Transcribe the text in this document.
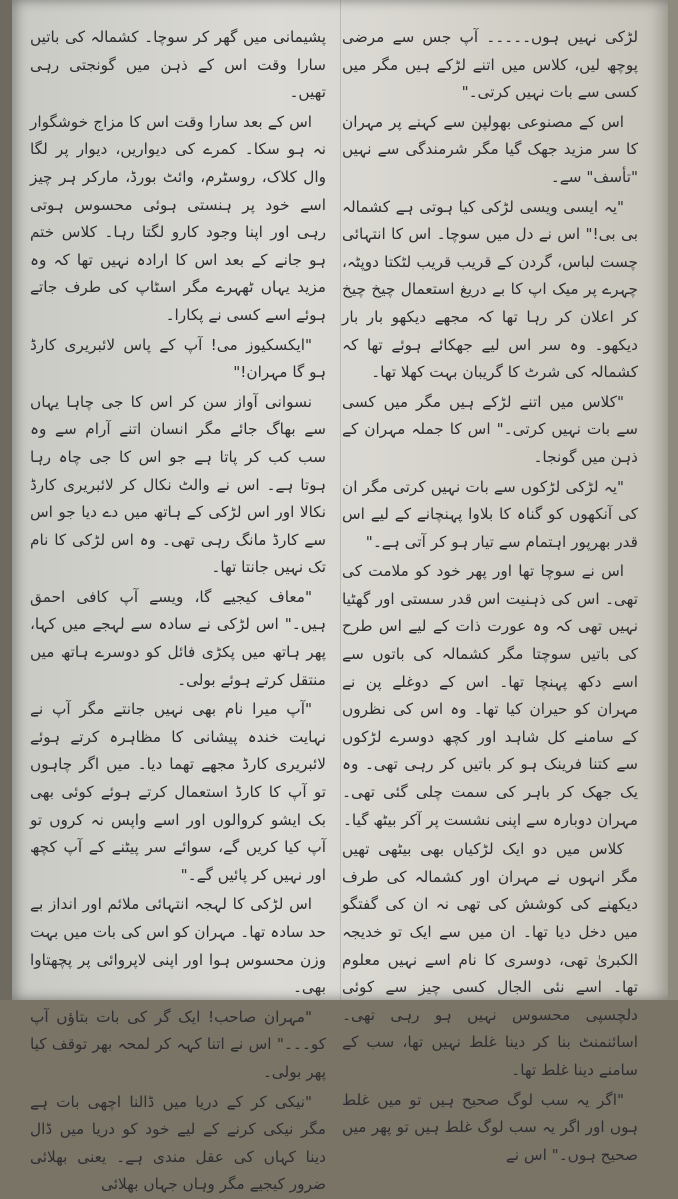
لڑکی نہیں ہوں۔۔۔۔۔ آپ جس سے مرضی پوچھ لیں، کلاس میں اتنے لڑکے ہیں مگر میں کسی سے بات نہیں کرتی۔"

اس کے مصنوعی بھولپن سے کہنے پر مہران کا سر مزید جھک گیا مگر شرمندگی سے نہیں "تأسف" سے۔

"یہ ایسی ویسی لڑکی کیا ہوتی ہے کشمالہ بی بی!" اس نے دل میں سوچا۔ اس کا انتہائی چست لباس، گردن کے قریب قریب لٹکتا دوپٹہ، چہرے پر میک اپ کا بے دریغ استعمال چیخ چیخ کر اعلان کر رہا تھا کہ مجھے دیکھو بار بار دیکھو۔ وہ سر اس لیے جھکائے ہوئے تھا کہ کشمالہ کی شرٹ کا گریبان بہت کھلا تھا۔

"کلاس میں اتنے لڑکے ہیں مگر میں کسی سے بات نہیں کرتی۔" اس کا جملہ مہران کے ذہن میں گونجا۔

"یہ لڑکی لڑکوں سے بات نہیں کرتی مگر ان کی آنکھوں کو گناہ کا بلاوا پہنچانے کے لیے اس قدر بھرپور اہتمام سے تیار ہو کر آتی ہے۔"

اس نے سوچا تھا اور پھر خود کو ملامت کی تھی۔ اس کی ذہنیت اس قدر سستی اور گھٹیا نہیں تھی کہ وہ عورت ذات کے لیے اس طرح کی باتیں سوچتا مگر کشمالہ کی باتوں سے اسے دکھ پہنچا تھا۔ اس کے دوغلے پن نے مہران کو حیران کیا تھا۔ وہ اس کی نظروں کے سامنے کل شاہد اور کچھ دوسرے لڑکوں سے کتنا فرینک ہو کر باتیں کر رہی تھی۔ وہ یک جھک کر باہر کی سمت چلی گئی تھی۔ مہران دوبارہ سے اپنی نشست پر آکر بیٹھ گیا۔

کلاس میں دو ایک لڑکیاں بھی بیٹھی تھیں مگر انہوں نے مہران اور کشمالہ کی طرف دیکھنے کی کوشش کی تھی نہ ان کی گفتگو میں دخل دیا تھا۔ ان میں سے ایک تو خدیجہ الکبریٰ تھی، دوسری کا نام اسے نہیں معلوم تھا۔ اسے نئی الجال کسی چیز سے کوئی دلچسپی محسوس نہیں ہو رہی تھی۔ اسائنمنٹ بنا کر دینا غلط نہیں تھا، سب کے سامنے دینا غلط تھا۔

"اگر یہ سب لوگ صحیح ہیں تو میں غلط ہوں اور اگر یہ سب لوگ غلط ہیں تو پھر میں صحیح ہوں۔" اس نے

پشیمانی میں گھر کر سوچا۔ کشمالہ کی باتیں سارا وقت اس کے ذہن میں گونجتی رہی تھیں۔

اس کے بعد سارا وقت اس کا مزاج خوشگوار نہ ہو سکا۔ کمرے کی دیواریں، دیوار پر لگا وال کلاک، روسٹرم، وائٹ بورڈ، مارکر ہر چیز اسے خود پر ہنستی ہوئی محسوس ہوتی رہی اور اپنا وجود کارو لگتا رہا۔ کلاس ختم ہو جانے کے بعد اس کا ارادہ نہیں تھا کہ وہ مزید یہاں ٹھہرے مگر اسٹاپ کی طرف جاتے ہوئے اسے کسی نے پکارا۔

"ایکسکیوز می! آپ کے پاس لائبریری کارڈ ہو گا مہران!"

نسوانی آواز سن کر اس کا جی چاہا یہاں سے بھاگ جائے مگر انسان اتنے آرام سے وہ سب کب کر پاتا ہے جو اس کا جی چاہ رہا ہوتا ہے۔ اس نے والٹ نکال کر لائبریری کارڈ نکالا اور اس لڑکی کے ہاتھ میں دے دیا جو اس سے کارڈ مانگ رہی تھی۔ وہ اس لڑکی کا نام تک نہیں جانتا تھا۔

"معاف کیجیے گا، ویسے آپ کافی احمق ہیں۔" اس لڑکی نے سادہ سے لہجے میں کہا، پھر ہاتھ میں پکڑی فائل کو دوسرے ہاتھ میں منتقل کرتے ہوئے بولی۔

"آپ میرا نام بھی نہیں جانتے مگر آپ نے نہایت خندہ پیشانی کا مظاہرہ کرتے ہوئے لائبریری کارڈ مجھے تھما دیا۔ میں اگر چاہوں تو آپ کا کارڈ استعمال کرتے ہوئے کوئی بھی بک ایشو کروالوں اور اسے واپس نہ کروں تو آپ کیا کریں گے، سوائے سر پیٹنے کے آپ کچھ اور نہیں کر پائیں گے۔"

اس لڑکی کا لہجہ انتہائی ملائم اور انداز بے حد سادہ تھا۔ مہران کو اس کی بات میں بہت وزن محسوس ہوا اور اپنی لاپروائی پر پچھتاوا بھی۔

"مہران صاحب! ایک گر کی بات بتاؤں آپ کو۔۔۔" اس نے اتنا کہہ کر لمحہ بھر توقف کیا پھر بولی۔

"نیکی کر کے دریا میں ڈالنا اچھی بات ہے مگر نیکی کرنے کے لیے خود کو دریا میں ڈال دینا کہاں کی عقل مندی ہے۔ یعنی بھلائی ضرور کیجیے مگر وہاں جہاں بھلائی
